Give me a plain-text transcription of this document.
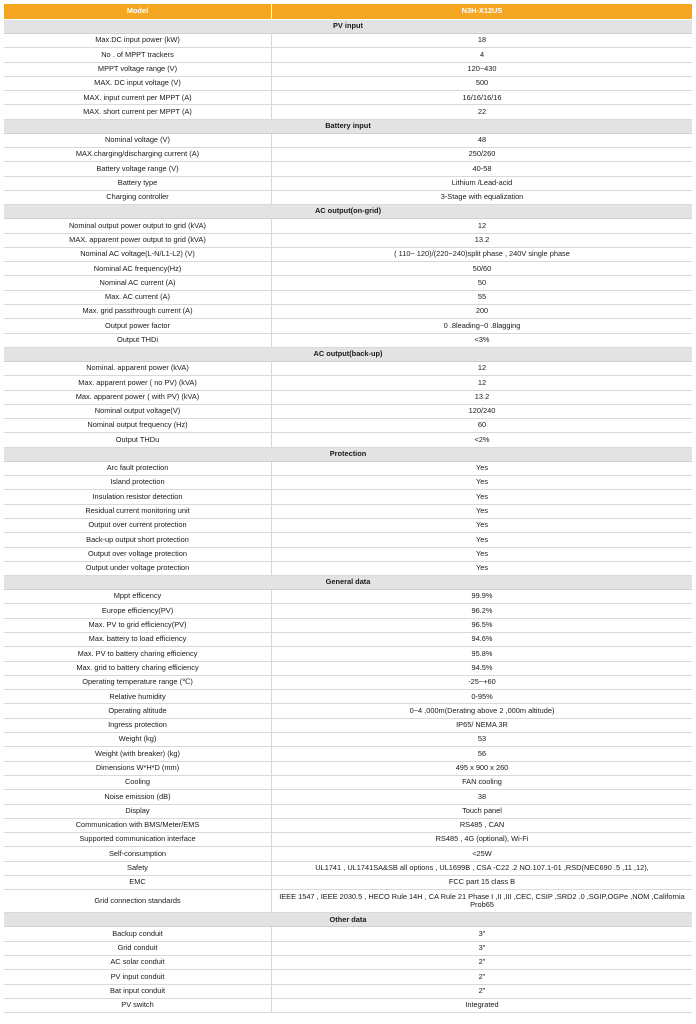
Model	N3H-X12US
PV input	
Max.DC input power (kW)	18
No . of MPPT trackers	4
MPPT voltage range (V)	120~430
MAX. DC input voltage (V)	500
MAX. input current per MPPT (A)	16/16/16/16
MAX. short current per MPPT (A)	22
Battery input	
Nominal voltage (V)	48
MAX.charging/discharging current (A)	250/260
Battery voltage range (V)	40-58
Battery type	Lithium /Lead-acid
Charging controller	3-Stage with equalization
AC output(on-grid)	
Nominal output power output to grid (kVA)	12
MAX. apparent power output to grid (kVA)	13.2
Nominal AC voltage(L-N/L1-L2) (V)	( 110~ 120)/(220~240)split phase , 240V single phase
Nominal AC frequency(Hz)	50/60
Nominal AC current (A)	50
Max. AC current (A)	55
Max. grid passthrough current (A)	200
Output power factor	0 .8leading~0 .8lagging
Output THDi	<3%
AC output(back-up)	
Nominal. apparent power (kVA)	12
Max. apparent power ( no PV) (kVA)	12
Max. apparent power ( with PV) (kVA)	13.2
Nominal output voltage(V)	120/240
Nominal output frequency (Hz)	60
Output THDu	<2%
Protection	
Arc fault protection	Yes
Island protection	Yes
Insulation resistor detection	Yes
Residual current monitoring unit	Yes
Output over current protection	Yes
Back-up output short protection	Yes
Output over voltage protection	Yes
Output under voltage protection	Yes
General data	
Mppt efficency	99.9%
Europe efficiency(PV)	96.2%
Max. PV to grid efficiency(PV)	96.5%
Max. battery to load efficiency	94.6%
Max. PV to battery charing efficiency	95.8%
Max. grid to battery charing efficiency	94.5%
Operating temperature range (℃)	-25~+60
Relative humidity	0-95%
Operating altitude	0~4 ,000m(Derating above 2 ,000m altitude)
Ingress protection	IP65/ NEMA 3R
Weight (kg)	53
Weight (with breaker) (kg)	56
Dimensions W*H*D (mm)	495 x 900 x 260
Cooling	FAN cooling
Noise emission (dB)	38
Display	Touch panel
Communication with BMS/Meter/EMS	RS485 , CAN
Supported communication interface	RS485 , 4G (optional), Wi-Fi
Self-consumption	<25W
Safety	UL1741 , UL1741SA&SB all options , UL1699B , CSA -C22 .2 NO.107.1-01 ,RSD(NEC690 .5 ,11 ,12),
EMC	FCC part 15 class B
Grid connection standards	IEEE 1547 , IEEE 2030.5 , HECO Rule 14H , CA Rule 21 Phase I ,II ,III ,CEC, CSIP ,SRD2 .0 ,SGIP,OGPe ,NOM ,California Prob65
Other data	
Backup conduit	3"
Grid conduit	3"
AC solar conduit	2"
PV input conduit	2"
Bat input conduit	2"
PV switch	Integrated
